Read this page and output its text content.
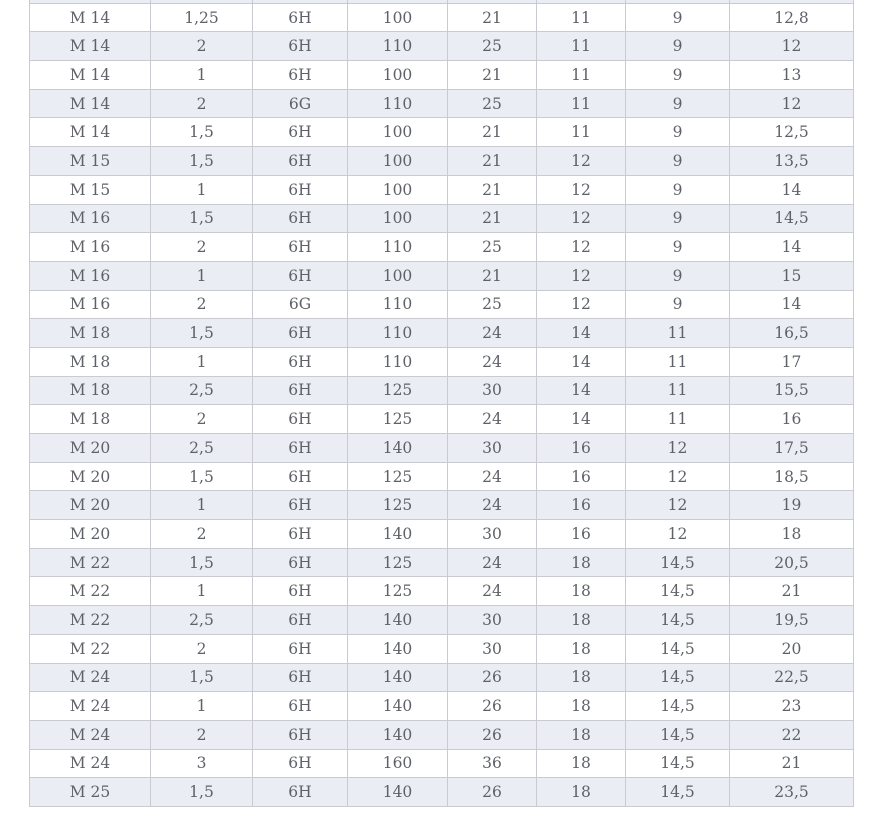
M 14	1,25	6H	100	21	11	9	12,8
M 14	2	6H	110	25	11	9	12
M 14	1	6H	100	21	11	9	13
M 14	2	6G	110	25	11	9	12
M 14	1,5	6H	100	21	11	9	12,5
M 15	1,5	6H	100	21	12	9	13,5
M 15	1	6H	100	21	12	9	14
M 16	1,5	6H	100	21	12	9	14,5
M 16	2	6H	110	25	12	9	14
M 16	1	6H	100	21	12	9	15
M 16	2	6G	110	25	12	9	14
M 18	1,5	6H	110	24	14	11	16,5
M 18	1	6H	110	24	14	11	17
M 18	2,5	6H	125	30	14	11	15,5
M 18	2	6H	125	24	14	11	16
M 20	2,5	6H	140	30	16	12	17,5
M 20	1,5	6H	125	24	16	12	18,5
M 20	1	6H	125	24	16	12	19
M 20	2	6H	140	30	16	12	18
M 22	1,5	6H	125	24	18	14,5	20,5
M 22	1	6H	125	24	18	14,5	21
M 22	2,5	6H	140	30	18	14,5	19,5
M 22	2	6H	140	30	18	14,5	20
M 24	1,5	6H	140	26	18	14,5	22,5
M 24	1	6H	140	26	18	14,5	23
M 24	2	6H	140	26	18	14,5	22
M 24	3	6H	160	36	18	14,5	21
M 25	1,5	6H	140	26	18	14,5	23,5
